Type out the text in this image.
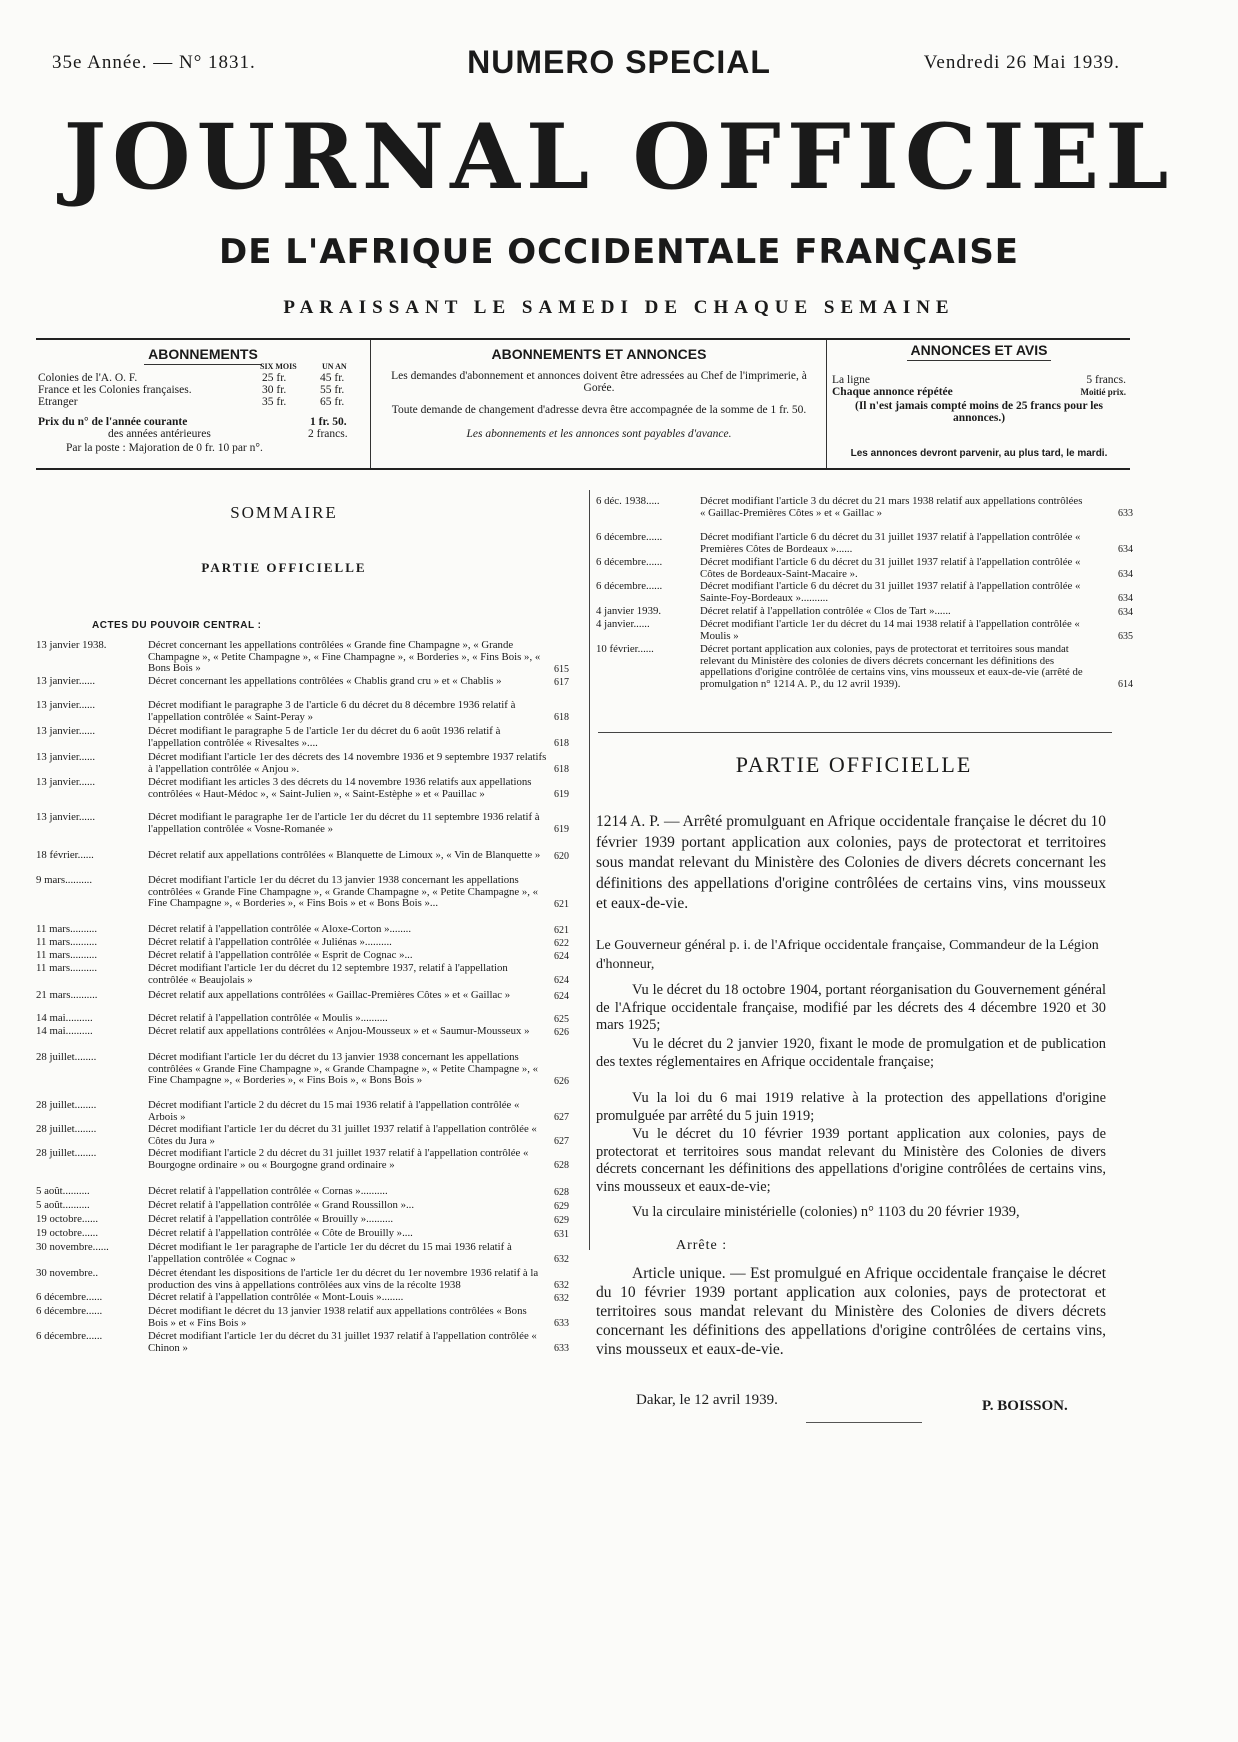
35e Année. — N° 1831.	NUMERO SPECIAL	Vendredi 26 Mai 1939.
JOURNAL OFFICIEL
DE L'AFRIQUE OCCIDENTALE FRANÇAISE
PARAISSANT LE SAMEDI DE CHAQUE SEMAINE
ABONNEMENTS
SIX MOIS	UN AN
Colonies de l'A. O. F.	25 fr.	45 fr.
France et les Colonies françaises.	30 fr.	55 fr.
Etranger	35 fr.	65 fr.
Prix du n° de l'année courante	1 fr. 50.
des années antérieures	2 francs.
Par la poste : Majoration de 0 fr. 10 par n°.
ABONNEMENTS ET ANNONCES
Les demandes d'abonnement et annonces doivent être adressées au Chef de l'imprimerie, à Gorée.
Toute demande de changement d'adresse devra être accompagnée de la somme de 1 fr. 50.
Les abonnements et les annonces sont payables d'avance.
ANNONCES ET AVIS
La ligne	5 francs.
Chaque annonce répétée	Moitié prix.
(Il n'est jamais compté moins de 25 francs pour les annonces.)
Les annonces devront parvenir, au plus tard, le mardi.
SOMMAIRE
PARTIE OFFICIELLE
ACTES DU POUVOIR CENTRAL :
13 janvier 1938.	Décret concernant les appellations contrôlées « Grande fine Champagne », « Grande Champagne », « Petite Champagne », « Fine Champagne », « Borderies », « Fins Bois », « Bons Bois »	615
13 janvier......	Décret concernant les appellations contrôlées « Chablis grand cru » et « Chablis »	617
13 janvier......	Décret modifiant le paragraphe 3 de l'article 6 du décret du 8 décembre 1936 relatif à l'appellation contrôlée « Saint-Peray »	618
13 janvier......	Décret modifiant le paragraphe 5 de l'article 1er du décret du 6 août 1936 relatif à l'appellation contrôlée « Rivesaltes »....	618
13 janvier......	Décret modifiant l'article 1er des décrets des 14 novembre 1936 et 9 septembre 1937 relatifs à l'appellation contrôlée « Anjou ».	618
13 janvier......	Décret modifiant les articles 3 des décrets du 14 novembre 1936 relatifs aux appellations contrôlées « Haut-Médoc », « Saint-Julien », « Saint-Estèphe » et « Pauillac »	619
13 janvier......	Décret modifiant le paragraphe 1er de l'article 1er du décret du 11 septembre 1936 relatif à l'appellation contrôlée « Vosne-Romanée »	619
18 février......	Décret relatif aux appellations contrôlées « Blanquette de Limoux », « Vin de Blanquette »	620
9 mars..........	Décret modifiant l'article 1er du décret du 13 janvier 1938 concernant les appellations contrôlées « Grande Fine Champagne », « Grande Champagne », « Petite Champagne », « Fine Champagne », « Borderies », « Fins Bois » et « Bons Bois »...	621
11 mars..........	Décret relatif à l'appellation contrôlée « Aloxe-Corton »........	621
11 mars..........	Décret relatif à l'appellation contrôlée « Juliénas »..........	622
11 mars..........	Décret relatif à l'appellation contrôlée « Esprit de Cognac »...	624
11 mars..........	Décret modifiant l'article 1er du décret du 12 septembre 1937, relatif à l'appellation contrôlée « Beaujolais »	624
21 mars..........	Décret relatif aux appellations contrôlées « Gaillac-Premières Côtes » et « Gaillac »	624
14 mai..........	Décret relatif à l'appellation contrôlée « Moulis »..........	625
14 mai..........	Décret relatif aux appellations contrôlées « Anjou-Mousseux » et « Saumur-Mousseux »	626
28 juillet........	Décret modifiant l'article 1er du décret du 13 janvier 1938 concernant les appellations contrôlées « Grande Fine Champagne », « Grande Champagne », « Petite Champagne », « Fine Champagne », « Borderies », « Fins Bois », « Bons Bois »	626
28 juillet........	Décret modifiant l'article 2 du décret du 15 mai 1936 relatif à l'appellation contrôlée « Arbois »	627
28 juillet........	Décret modifiant l'article 1er du décret du 31 juillet 1937 relatif à l'appellation contrôlée « Côtes du Jura »	627
28 juillet........	Décret modifiant l'article 2 du décret du 31 juillet 1937 relatif à l'appellation contrôlée « Bourgogne ordinaire » ou « Bourgogne grand ordinaire »	628
5 août..........	Décret relatif à l'appellation contrôlée « Cornas »..........	628
5 août..........	Décret relatif à l'appellation contrôlée « Grand Roussillon »...	629
19 octobre......	Décret relatif à l'appellation contrôlée « Brouilly »..........	629
19 octobre......	Décret relatif à l'appellation contrôlée « Côte de Brouilly »....	631
30 novembre......	Décret modifiant le 1er paragraphe de l'article 1er du décret du 15 mai 1936 relatif à l'appellation contrôlée « Cognac »	632
30 novembre..	Décret étendant les dispositions de l'article 1er du décret du 1er novembre 1936 relatif à la production des vins à appellations contrôlées aux vins de la récolte 1938	632
6 décembre......	Décret relatif à l'appellation contrôlée « Mont-Louis »........	632
6 décembre......	Décret modifiant le décret du 13 janvier 1938 relatif aux appellations contrôlées « Bons Bois » et « Fins Bois »	633
6 décembre......	Décret modifiant l'article 1er du décret du 31 juillet 1937 relatif à l'appellation contrôlée « Chinon »	633
6 déc. 1938.....	Décret modifiant l'article 3 du décret du 21 mars 1938 relatif aux appellations contrôlées « Gaillac-Premières Côtes » et « Gaillac »	633
6 décembre......	Décret modifiant l'article 6 du décret du 31 juillet 1937 relatif à l'appellation contrôlée « Premières Côtes de Bordeaux »......	634
6 décembre......	Décret modifiant l'article 6 du décret du 31 juillet 1937 relatif à l'appellation contrôlée « Côtes de Bordeaux-Saint-Macaire ».	634
6 décembre......	Décret modifiant l'article 6 du décret du 31 juillet 1937 relatif à l'appellation contrôlée « Sainte-Foy-Bordeaux »..........	634
4 janvier 1939.	Décret relatif à l'appellation contrôlée « Clos de Tart »......	634
4 janvier......	Décret modifiant l'article 1er du décret du 14 mai 1938 relatif à l'appellation contrôlée « Moulis »	635
10 février......	Décret portant application aux colonies, pays de protectorat et territoires sous mandat relevant du Ministère des colonies de divers décrets concernant les définitions des appellations d'origine contrôlée de certains vins, vins mousseux et eaux-de-vie (arrêté de promulgation n° 1214 A. P., du 12 avril 1939).	614
PARTIE OFFICIELLE
1214 A. P. — Arrêté promulguant en Afrique occidentale française le décret du 10 février 1939 portant application aux colonies, pays de protectorat et territoires sous mandat relevant du Ministère des Colonies de divers décrets concernant les définitions des appellations d'origine contrôlées de certains vins, vins mousseux et eaux-de-vie.
Le Gouverneur général p. i. de l'Afrique occidentale française, Commandeur de la Légion d'honneur,
Vu le décret du 18 octobre 1904, portant réorganisation du Gouvernement général de l'Afrique occidentale française, modifié par les décrets des 4 décembre 1920 et 30 mars 1925;
Vu le décret du 2 janvier 1920, fixant le mode de promulgation et de publication des textes réglementaires en Afrique occidentale française;
Vu la loi du 6 mai 1919 relative à la protection des appellations d'origine promulguée par arrêté du 5 juin 1919;
Vu le décret du 10 février 1939 portant application aux colonies, pays de protectorat et territoires sous mandat relevant du Ministère des Colonies de divers décrets concernant les définitions des appellations d'origine contrôlées de certains vins, vins mousseux et eaux-de-vie;
Vu la circulaire ministérielle (colonies) n° 1103 du 20 février 1939,
Arrête :
Article unique. — Est promulgué en Afrique occidentale française le décret du 10 février 1939 portant application aux colonies, pays de protectorat et territoires sous mandat relevant du Ministère des Colonies de divers décrets concernant les définitions des appellations d'origine contrôlées de certains vins, vins mousseux et eaux-de-vie.
Dakar, le 12 avril 1939.	P. BOISSON.
